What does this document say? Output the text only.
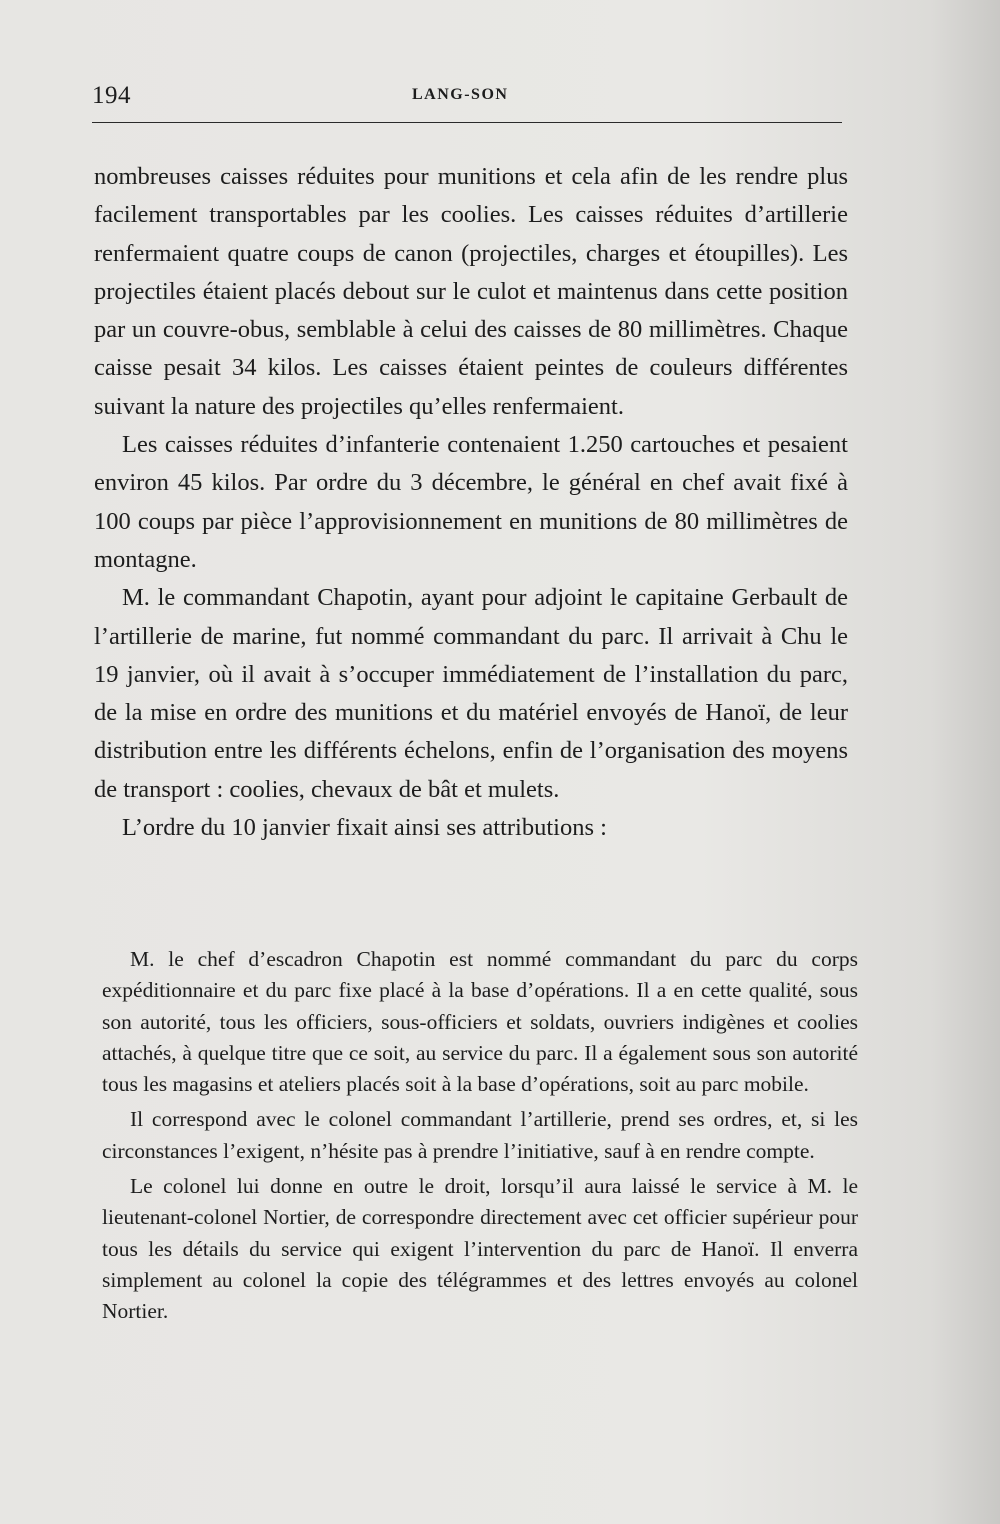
194	LANG-SON

nombreuses caisses réduites pour munitions et cela afin de les rendre plus facilement transportables par les coolies. Les caisses réduites d’artillerie renfermaient quatre coups de canon (projectiles, charges et étoupilles). Les projectiles étaient placés debout sur le culot et maintenus dans cette position par un couvre-obus, semblable à celui des caisses de 80 millimètres. Chaque caisse pesait 34 kilos. Les caisses étaient peintes de couleurs différentes suivant la nature des projectiles qu’elles renfermaient.

Les caisses réduites d’infanterie contenaient 1.250 cartouches et pesaient environ 45 kilos. Par ordre du 3 décembre, le général en chef avait fixé à 100 coups par pièce l’approvisionnement en munitions de 80 millimètres de montagne.

M. le commandant Chapotin, ayant pour adjoint le capitaine Gerbault de l’artillerie de marine, fut nommé commandant du parc. Il arrivait à Chu le 19 janvier, où il avait à s’occuper immédiatement de l’installation du parc, de la mise en ordre des munitions et du matériel envoyés de Hanoï, de leur distribution entre les différents échelons, enfin de l’organisation des moyens de transport : coolies, chevaux de bât et mulets.

L’ordre du 10 janvier fixait ainsi ses attributions :

M. le chef d’escadron Chapotin est nommé commandant du parc du corps expéditionnaire et du parc fixe placé à la base d’opérations. Il a en cette qualité, sous son autorité, tous les officiers, sous-officiers et soldats, ouvriers indigènes et coolies attachés, à quelque titre que ce soit, au service du parc. Il a également sous son autorité tous les magasins et ateliers placés soit à la base d’opérations, soit au parc mobile.

Il correspond avec le colonel commandant l’artillerie, prend ses ordres, et, si les circonstances l’exigent, n’hésite pas à prendre l’initiative, sauf à en rendre compte.

Le colonel lui donne en outre le droit, lorsqu’il aura laissé le service à M. le lieutenant-colonel Nortier, de correspondre directement avec cet officier supérieur pour tous les détails du service qui exigent l’intervention du parc de Hanoï. Il enverra simplement au colonel la copie des télégrammes et des lettres envoyés au colonel Nortier.
